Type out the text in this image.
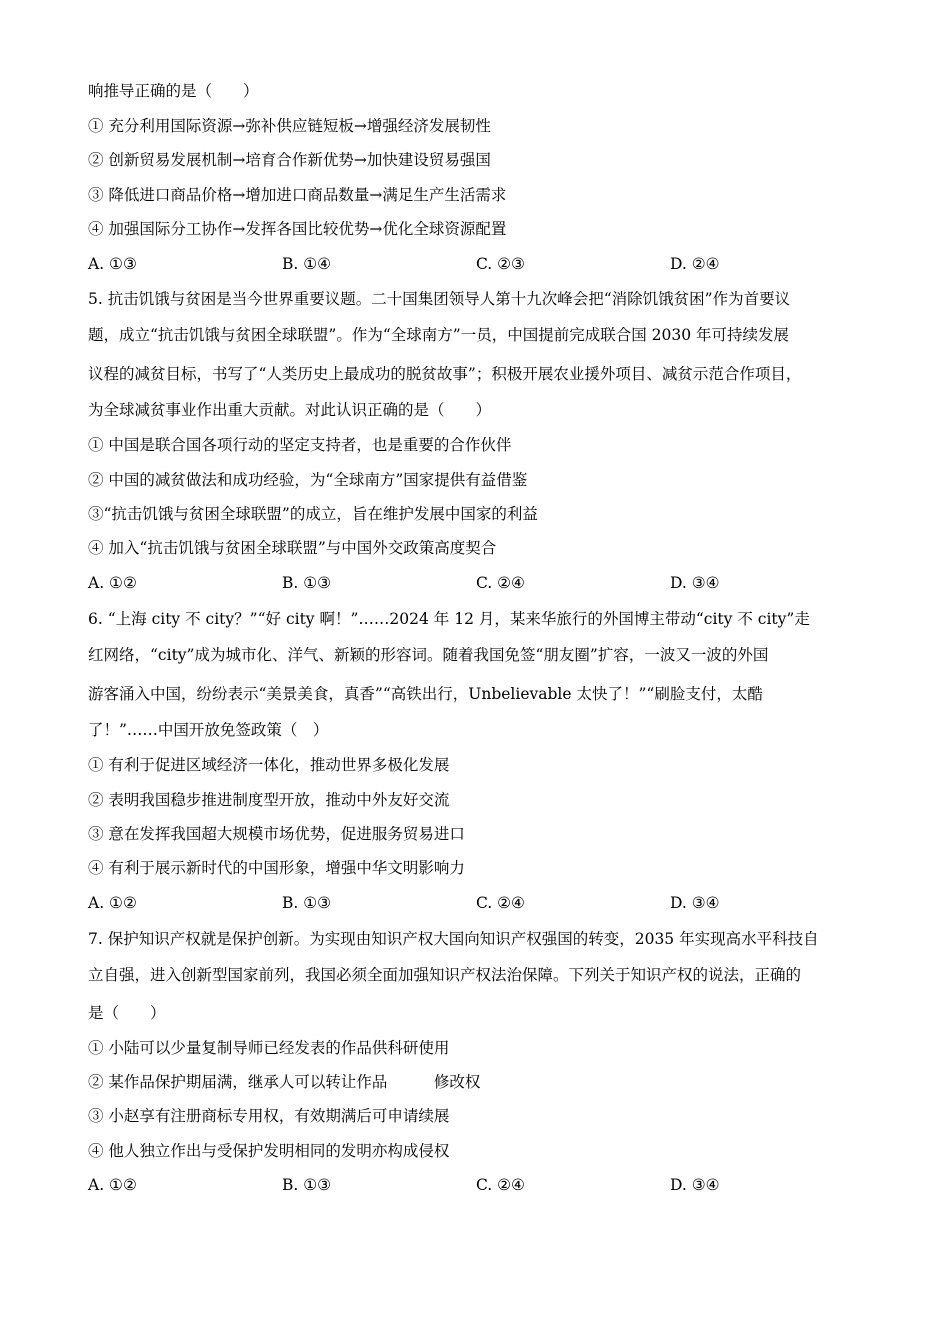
响推导正确的是（　　）
① 充分利用国际资源→弥补供应链短板→增强经济发展韧性
② 创新贸易发展机制→培育合作新优势→加快建设贸易强国
③ 降低进口商品价格→增加进口商品数量→满足生产生活需求
④ 加强国际分工协作→发挥各国比较优势→优化全球资源配置
A. ①③	B. ①④	C. ②③	D. ②④
5. 抗击饥饿与贫困是当今世界重要议题。二十国集团领导人第十九次峰会把“消除饥饿贫困”作为首要议
题，成立“抗击饥饿与贫困全球联盟”。作为“全球南方”一员，中国提前完成联合国 2030 年可持续发展
议程的减贫目标，书写了“人类历史上最成功的脱贫故事”；积极开展农业援外项目、减贫示范合作项目，
为全球减贫事业作出重大贡献。对此认识正确的是（　　）
① 中国是联合国各项行动的坚定支持者，也是重要的合作伙伴
② 中国的减贫做法和成功经验，为“全球南方”国家提供有益借鉴
③“抗击饥饿与贫困全球联盟”的成立，旨在维护发展中国家的利益
④ 加入“抗击饥饿与贫困全球联盟”与中国外交政策高度契合
A. ①②	B. ①③	C. ②④	D. ③④
6. “上海 city 不 city？”“好 city 啊！”……2024 年 12 月，某来华旅行的外国博主带动“city 不 city”走
红网络，“city”成为城市化、洋气、新颖的形容词。随着我国免签“朋友圈”扩容，一波又一波的外国
游客涌入中国，纷纷表示“美景美食，真香”“高铁出行，Unbelievable 太快了！”“刷脸支付，太酷
了！”……中国开放免签政策（　）
① 有利于促进区域经济一体化，推动世界多极化发展
② 表明我国稳步推进制度型开放，推动中外友好交流
③ 意在发挥我国超大规模市场优势，促进服务贸易进口
④ 有利于展示新时代的中国形象，增强中华文明影响力
A. ①②	B. ①③	C. ②④	D. ③④
7. 保护知识产权就是保护创新。为实现由知识产权大国向知识产权强国的转变，2035 年实现高水平科技自
立自强，进入创新型国家前列，我国必须全面加强知识产权法治保障。下列关于知识产权的说法，正确的
是（　　）
① 小陆可以少量复制导师已经发表的作品供科研使用
② 某作品保护期届满，继承人可以转让作品　　　修改权
③ 小赵享有注册商标专用权，有效期满后可申请续展
④ 他人独立作出与受保护发明相同的发明亦构成侵权
A. ①②	B. ①③	C. ②④	D. ③④
